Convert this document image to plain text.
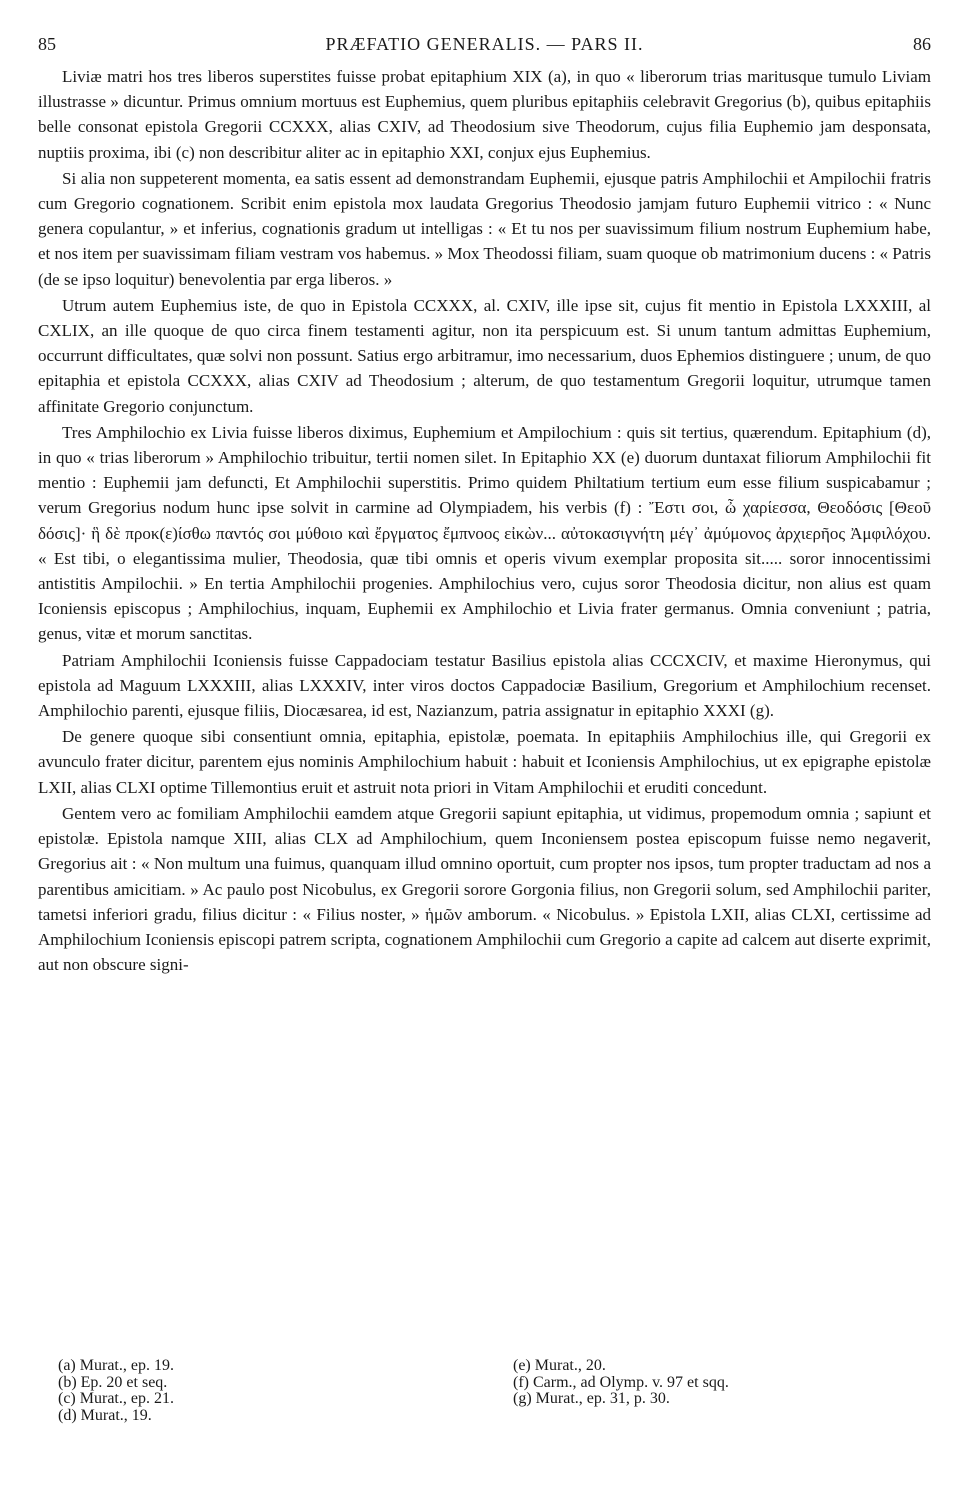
85	PRÆFATIO GENERALIS. — PARS II.	86

Liviæ matri hos tres liberos superstites fuisse probat epitaphium XIX (a), in quo « liberorum trias maritusque tumulo Liviam illustrasse » dicuntur. Primus omnium mortuus est Euphemius, quem pluribus epitaphiis celebravit Gregorius (b), quibus epitaphiis belle consonat epistola Gregorii CCXXX, alias CXIV, ad Theodosium sive Theodorum, cujus filia Euphemio jam desponsata, nuptiis proxima, ibi (c) non describitur aliter ac in epitaphio XXI, conjux ejus Euphemius.

Si alia non suppeterent momenta, ea satis essent ad demonstrandam Euphemii, ejusque patris Amphilochii et Ampilochii fratris cum Gregorio cognationem. Scribit enim epistola mox laudata Gregorius Theodosio jamjam futuro Euphemii vitrico : « Nunc genera copulantur, » et inferius, cognationis gradum ut intelligas : « Et tu nos per suavissimum filium nostrum Euphemium habe, et nos item per suavissimam filiam vestram vos habemus. » Mox Theodossi filiam, suam quoque ob matrimonium ducens : « Patris (de se ipso loquitur) benevolentia par erga liberos. »

Utrum autem Euphemius iste, de quo in Epistola CCXXX, al. CXIV, ille ipse sit, cujus fit mentio in Epistola LXXXIII, al CXLIX, an ille quoque de quo circa finem testamenti agitur, non ita perspicuum est. Si unum tantum admittas Euphemium, occurrunt difficultates, quæ solvi non possunt. Satius ergo arbitramur, imo necessarium, duos Ephemios distinguere ; unum, de quo epitaphia et epistola CCXXX, alias CXIV ad Theodosium ; alterum, de quo testamentum Gregorii loquitur, utrumque tamen affinitate Gregorio conjunctum.

Tres Amphilochio ex Livia fuisse liberos diximus, Euphemium et Ampilochium : quis sit tertius, quærendum. Epitaphium (d), in quo « trias liberorum » Amphilochio tribuitur, tertii nomen silet. In Epitaphio XX (e) duorum duntaxat filiorum Amphilochii fit mentio : Euphemii jam defuncti, Et Amphilochii superstitis. Primo quidem Philtatium tertium eum esse filium suspicabamur ; verum Gregorius nodum hunc ipse solvit in carmine ad Olympiadem, his verbis (f) : Ἔστι σοι, ὦ χαρίεσσα, Θεοδόσις [Θεοῦ δόσις]· ἣ δὲ προκ(ε)ίσθω παντός σοι μύθοιο καὶ ἔργματος ἔμπνοος εἰκὼν... αὐτοκασιγνήτη μέγ᾽ ἀμύμονος ἀρχιερῆος Ἀμφιλόχου. « Est tibi, o elegantissima mulier, Theodosia, quæ tibi omnis et operis vivum exemplar proposita sit..... soror innocentissimi antistitis Ampilochii. » En tertia Amphilochii progenies. Amphilochius vero, cujus soror Theodosia dicitur, non alius est quam Iconiensis episcopus ; Amphilochius, inquam, Euphemii ex Amphilochio et Livia frater germanus. Omnia conveniunt ; patria, genus, vitæ et morum sanctitas.

Patriam Amphilochii Iconiensis fuisse Cappadociam testatur Basilius epistola alias CCCXCIV, et maxime Hieronymus, qui epistola ad Maguum LXXXIII, alias LXXXIV, inter viros doctos Cappadociæ Basilium, Gregorium et Amphilochium recenset. Amphilochio parenti, ejusque filiis, Diocæsarea, id est, Nazianzum, patria assignatur in epitaphio XXXI (g).

De genere quoque sibi consentiunt omnia, epitaphia, epistolæ, poemata. In epitaphiis Amphilochius ille, qui Gregorii ex avunculo frater dicitur, parentem ejus nominis Amphilochium habuit : habuit et Iconiensis Amphilochius, ut ex epigraphe epistolæ LXII, alias CLXI optime Tillemontius eruit et astruit nota priori in Vitam Amphilochii et eruditi concedunt.

Gentem vero ac fomiliam Amphilochii eamdem atque Gregorii sapiunt epitaphia, ut vidimus, propemodum omnia ; sapiunt et epistolæ. Epistola namque XIII, alias CLX ad Amphilochium, quem Inconiensem postea episcopum fuisse nemo negaverit, Gregorius ait : « Non multum una fuimus, quanquam illud omnino oportuit, cum propter nos ipsos, tum propter traductam ad nos a parentibus amicitiam. » Ac paulo post Nicobulus, ex Gregorii sorore Gorgonia filius, non Gregorii solum, sed Amphilochii pariter, tametsi inferiori gradu, filius dicitur : « Filius noster, » ἡμῶν amborum. « Nicobulus. » Epistola LXII, alias CLXI, certissime ad Amphilochium Iconiensis episcopi patrem scripta, cognationem Amphilochii cum Gregorio a capite ad calcem aut diserte exprimit, aut non obscure signi-

(a) Murat., ep. 19.
(b) Ep. 20 et seq.
(c) Murat., ep. 21.
(d) Murat., 19.
(e) Murat., 20.
(f) Carm., ad Olymp. v. 97 et sqq.
(g) Murat., ep. 31, p. 30.
